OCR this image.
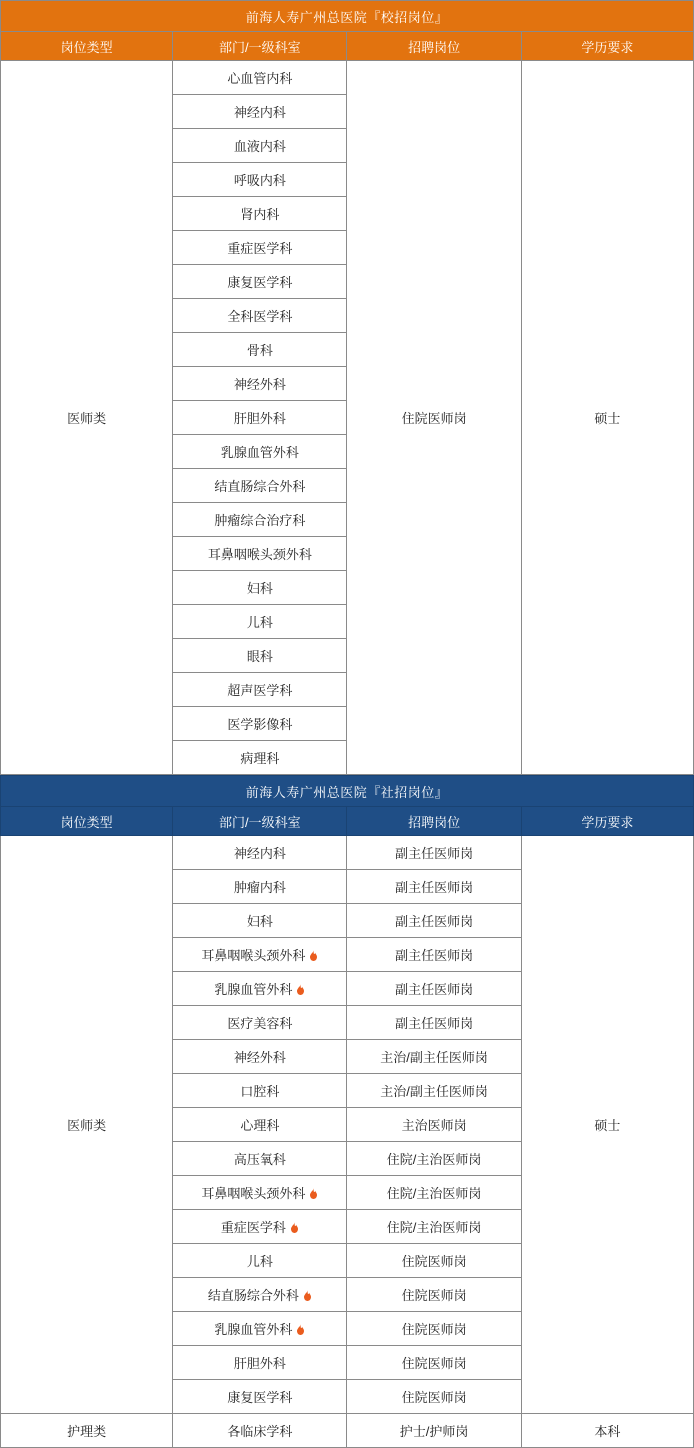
前海人寿广州总医院『校招岗位』			
岗位类型	部门/一级科室	招聘岗位	学历要求
医师类	心血管内科	住院医师岗	硕士
	神经内科		
	血液内科		
	呼吸内科		
	肾内科		
	重症医学科		
	康复医学科		
	全科医学科		
	骨科		
	神经外科		
	肝胆外科		
	乳腺血管外科		
	结直肠综合外科		
	肿瘤综合治疗科		
	耳鼻咽喉头颈外科		
	妇科		
	儿科		
	眼科		
	超声医学科		
	医学影像科		
	病理科		
前海人寿广州总医院『社招岗位』			
岗位类型	部门/一级科室	招聘岗位	学历要求
医师类	神经内科	副主任医师岗	硕士
	肿瘤内科	副主任医师岗	
	妇科	副主任医师岗	
	耳鼻咽喉头颈外科	副主任医师岗	
	乳腺血管外科	副主任医师岗	
	医疗美容科	副主任医师岗	
	神经外科	主治/副主任医师岗	
	口腔科	主治/副主任医师岗	
	心理科	主治医师岗	
	高压氧科	住院/主治医师岗	
	耳鼻咽喉头颈外科	住院/主治医师岗	
	重症医学科	住院/主治医师岗	
	儿科	住院医师岗	
	结直肠综合外科	住院医师岗	
	乳腺血管外科	住院医师岗	
	肝胆外科	住院医师岗	
	康复医学科	住院医师岗	
护理类	各临床学科	护士/护师岗	本科
